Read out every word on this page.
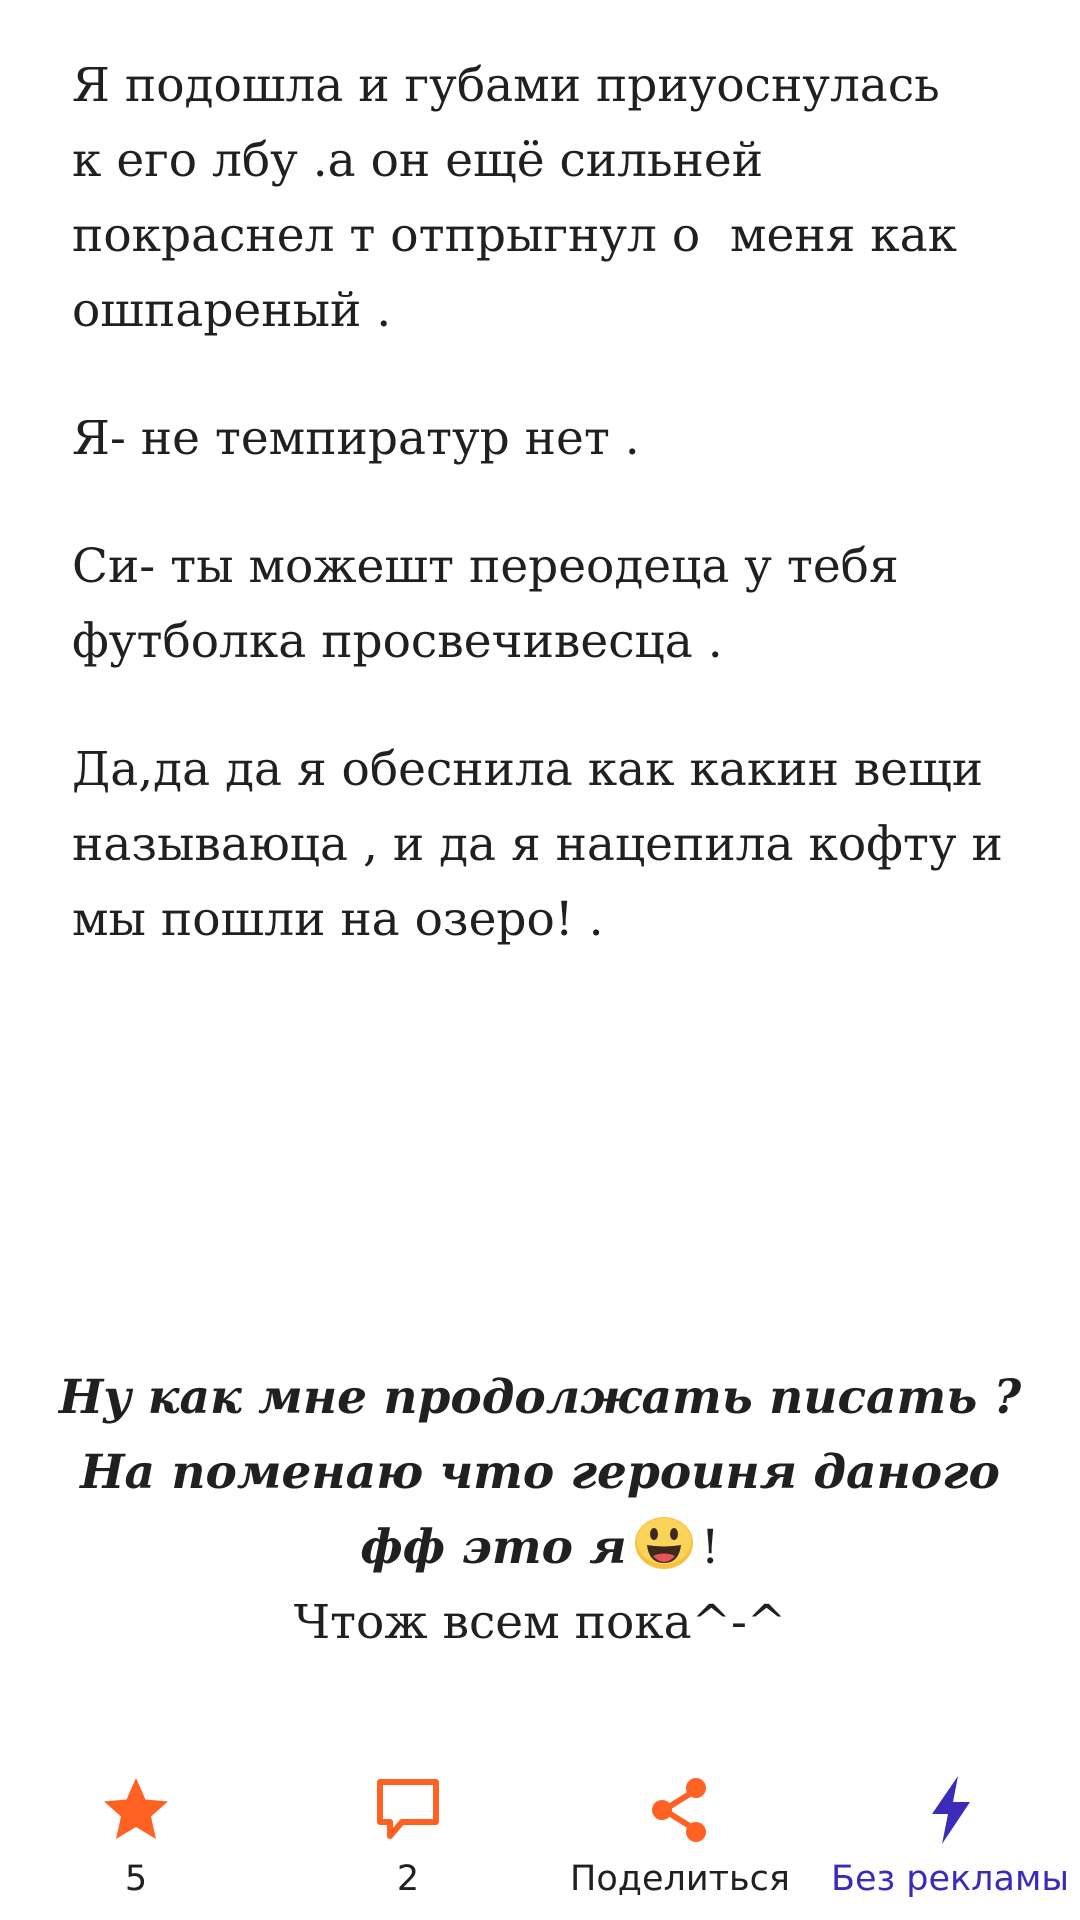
Я подошла и губами приуоснулась
к его лбу .а он ещё сильней
покраснел т отпрыгнул о  меня как
ошпареный .

Я- не темпиратур нет .

Си- ты можешт переодеца у тебя
футболка просвечивесца .

Да,да да я обеснила как какин вещи
называюца , и да я нацепила кофту и
мы пошли на озеро! .

Ну как мне продолжать писать ?
На поменаю что героиня даного
фф это я !
Чтож всем пока^-^
5	2	Поделиться Без рекламы
